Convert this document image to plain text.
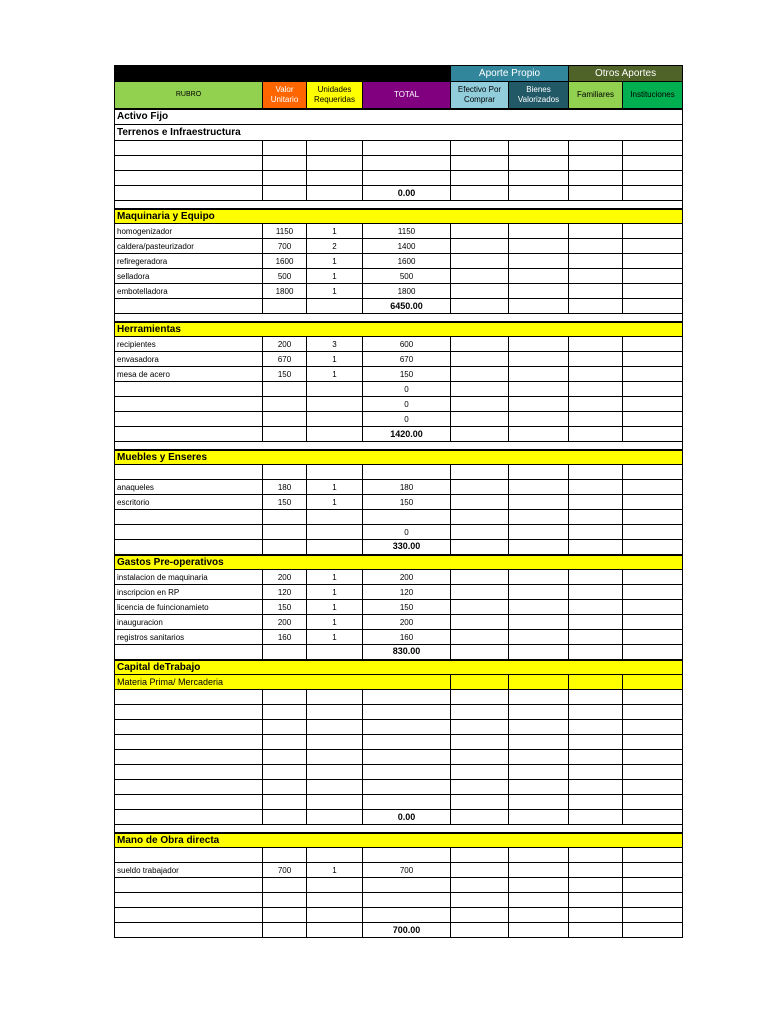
				Aporte Propio		Otros Aportes	
RUBRO	Valor Unitario	Unidades Requeridas	TOTAL	Efectivo Por Comprar	Bienes Valorizados	Familiares	Instituciones
Activo Fijo							
Terrenos e Infraestructura							

			0.00				

Maquinaria y Equipo							
homogenizador	1150	1	1150				
caldera/pasteurizador	700	2	1400				
refiregeradora	1600	1	1600				
selladora	500	1	500				
embotelladora	1800	1	1800				
			6450.00				

Herramientas							
recipientes	200	3	600				
envasadora	670	1	670				
mesa de acero	150	1	150				
			0				
			0				
			0				
			1420.00				

Muebles y Enseres							

anaqueles	180	1	180				
escritorio	150	1	150				

			0				
			330.00				
Gastos Pre-operativos							
instalacion de maquinaria	200	1	200				
inscripcion en RP	120	1	120				
licencia de fuincionamieto	150	1	150				
inauguracion	200	1	200				
registros sanitarios	160	1	160				
			830.00				
Capital deTrabajo							
Materia Prima/ Mercaderia							

			0.00				

Mano de Obra directa							

sueldo trabajador	700	1	700				

			700.00				
